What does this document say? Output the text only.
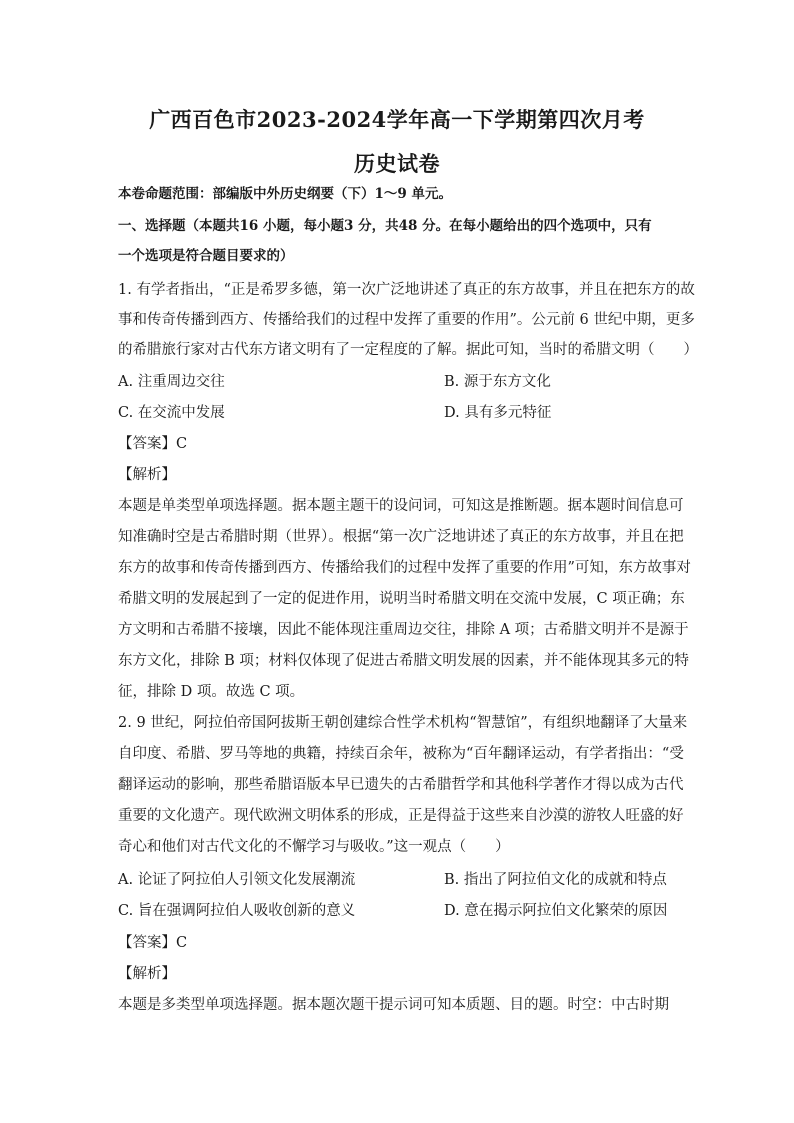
广西百色市2023-2024学年高一下学期第四次月考
历史试卷
本卷命题范围：部编版中外历史纲要（下）1～9 单元。
一、选择题（本题共16 小题，每小题3 分，共48 分。在每小题给出的四个选项中，只有
一个选项是符合题目要求的）
1. 有学者指出，“正是希罗多德，第一次广泛地讲述了真正的东方故事，并且在把东方的故
事和传奇传播到西方、传播给我们的过程中发挥了重要的作用”。公元前 6 世纪中期，更多
的希腊旅行家对古代东方诸文明有了一定程度的了解。据此可知，当时的希腊文明（　　）
A. 注重周边交往	B. 源于东方文化
C. 在交流中发展	D. 具有多元特征
【答案】C
【解析】
本题是单类型单项选择题。据本题主题干的设问词，可知这是推断题。据本题时间信息可
知准确时空是古希腊时期（世界）。根据“第一次广泛地讲述了真正的东方故事，并且在把
东方的故事和传奇传播到西方、传播给我们的过程中发挥了重要的作用”可知，东方故事对
希腊文明的发展起到了一定的促进作用，说明当时希腊文明在交流中发展，C 项正确；东
方文明和古希腊不接壤，因此不能体现注重周边交往，排除 A 项；古希腊文明并不是源于
东方文化，排除 B 项；材料仅体现了促进古希腊文明发展的因素，并不能体现其多元的特
征，排除 D 项。故选 C 项。
2. 9 世纪，阿拉伯帝国阿拔斯王朝创建综合性学术机构“智慧馆”，有组织地翻译了大量来
自印度、希腊、罗马等地的典籍，持续百余年，被称为“百年翻译运动，有学者指出：“受
翻译运动的影响，那些希腊语版本早已遗失的古希腊哲学和其他科学著作才得以成为古代
重要的文化遗产。现代欧洲文明体系的形成，正是得益于这些来自沙漠的游牧人旺盛的好
奇心和他们对古代文化的不懈学习与吸收。”这一观点（　　）
A. 论证了阿拉伯人引领文化发展潮流	B. 指出了阿拉伯文化的成就和特点
C. 旨在强调阿拉伯人吸收创新的意义	D. 意在揭示阿拉伯文化繁荣的原因
【答案】C
【解析】
本题是多类型单项选择题。据本题次题干提示词可知本质题、目的题。时空：中古时期
